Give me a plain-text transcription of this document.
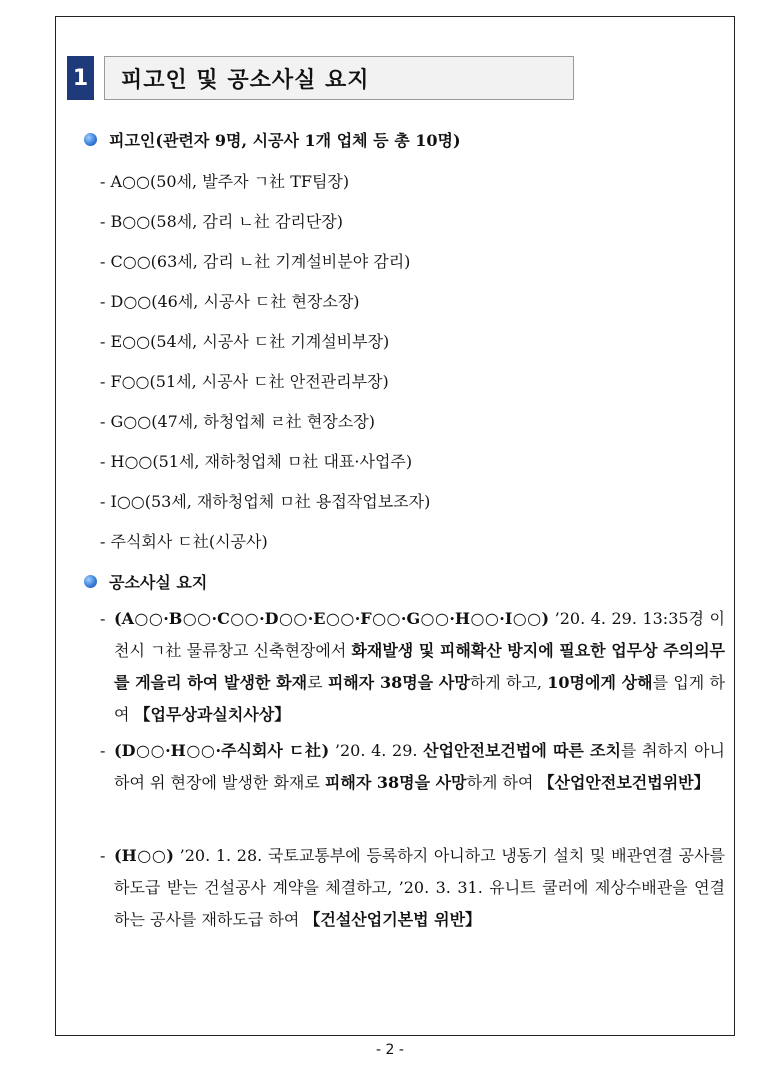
1 피고인 및 공소사실 요지
피고인(관련자 9명, 시공사 1개 업체 등 총 10명)
- A○○(50세, 발주자 ㄱ社 TF팀장)
- B○○(58세, 감리 ㄴ社 감리단장)
- C○○(63세, 감리 ㄴ社 기계설비분야 감리)
- D○○(46세, 시공사 ㄷ社 현장소장)
- E○○(54세, 시공사 ㄷ社 기계설비부장)
- F○○(51세, 시공사 ㄷ社 안전관리부장)
- G○○(47세, 하청업체 ㄹ社 현장소장)
- H○○(51세, 재하청업체 ㅁ社 대표·사업주)
- I○○(53세, 재하청업체 ㅁ社 용접작업보조자)
- 주식회사 ㄷ社(시공사)
공소사실 요지
- (A○○·B○○·C○○·D○○·E○○·F○○·G○○·H○○·I○○) ’20. 4. 29. 13:35경 이천시 ㄱ社 물류창고 신축현장에서 화재발생 및 피해확산 방지에 필요한 업무상 주의의무를 게을리 하여 발생한 화재로 피해자 38명을 사망하게 하고, 10명에게 상해를 입게 하여 【업무상과실치사상】
- (D○○·H○○·주식회사 ㄷ社) ’20. 4. 29. 산업안전보건법에 따른 조치를 취하지 아니하여 위 현장에 발생한 화재로 피해자 38명을 사망하게 하여 【산업안전보건법위반】
- (H○○) ’20. 1. 28. 국토교통부에 등록하지 아니하고 냉동기 설치 및 배관연결 공사를 하도급 받는 건설공사 계약을 체결하고, ’20. 3. 31. 유니트 쿨러에 제상수배관을 연결하는 공사를 재하도급 하여 【건설산업기본법 위반】
- 2 -
